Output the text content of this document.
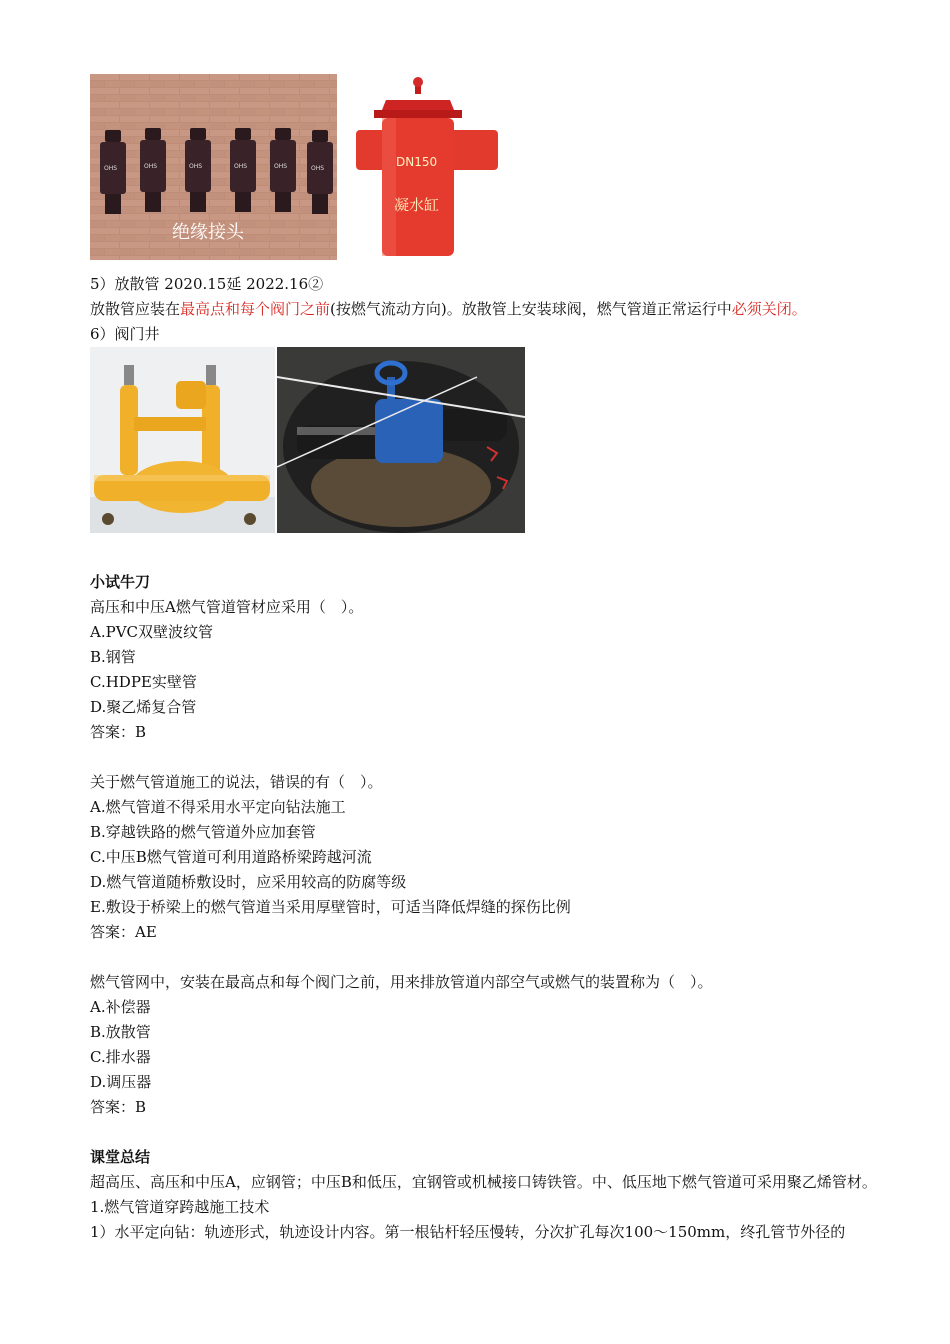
OHS	OHS	OHS	OHS	OHS	OHS
绝缘接头
DN150
凝水缸
5）放散管 2020.15延 2022.16②
放散管应装在最高点和每个阀门之前(按燃气流动方向)。放散管上安装球阀，燃气管道正常运行中必须关闭。
6）阀门井
小试牛刀
高压和中压A燃气管道管材应采用（　）。
A.PVC双壁波纹管
B.钢管
C.HDPE实壁管
D.聚乙烯复合管
答案：B
关于燃气管道施工的说法，错误的有（　）。
A.燃气管道不得采用水平定向钻法施工
B.穿越铁路的燃气管道外应加套管
C.中压B燃气管道可利用道路桥梁跨越河流
D.燃气管道随桥敷设时，应采用较高的防腐等级
E.敷设于桥梁上的燃气管道当采用厚壁管时，可适当降低焊缝的探伤比例
答案：AE
燃气管网中，安装在最高点和每个阀门之前，用来排放管道内部空气或燃气的装置称为（　）。
A.补偿器
B.放散管
C.排水器
D.调压器
答案：B
课堂总结
超高压、高压和中压A，应钢管；中压B和低压，宜钢管或机械接口铸铁管。中、低压地下燃气管道可采用聚乙烯管材。
1.燃气管道穿跨越施工技术
1）水平定向钻：轨迹形式，轨迹设计内容。第一根钻杆轻压慢转，分次扩孔每次100～150mm，终孔管节外径的
